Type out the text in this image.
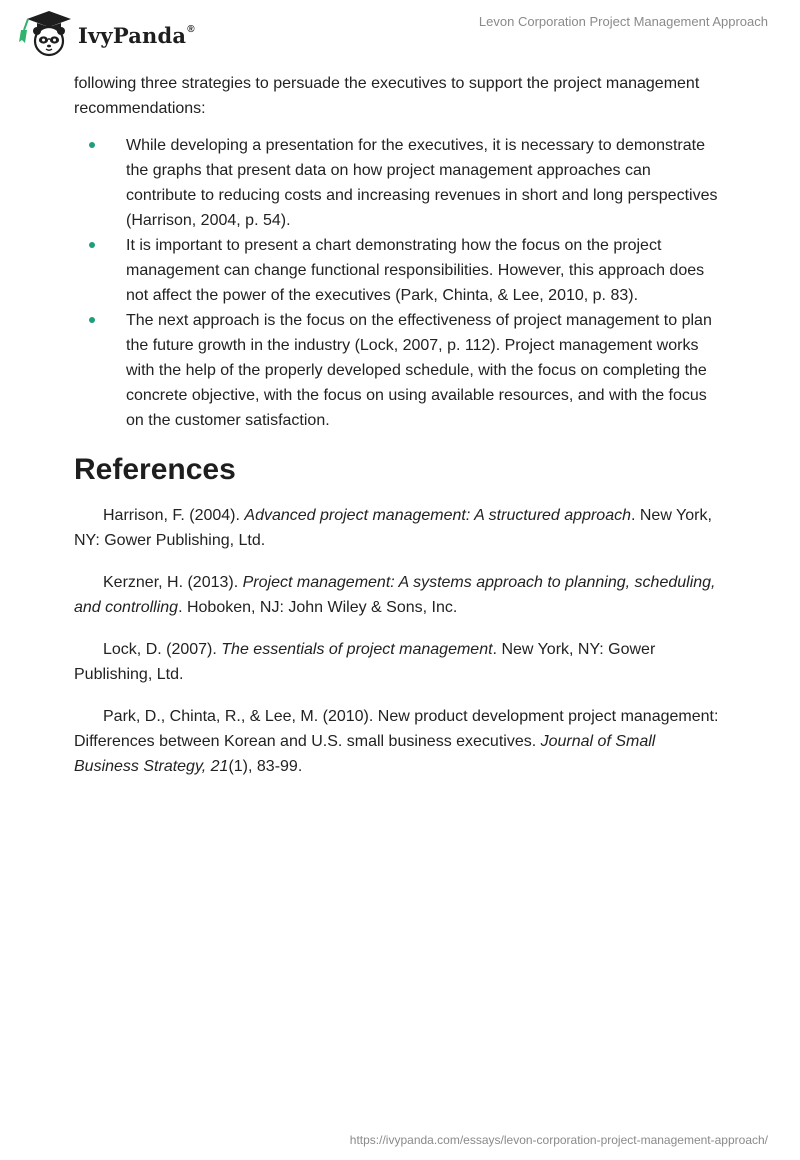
IvyPanda®	Levon Corporation Project Management Approach

following three strategies to persuade the executives to support the project management recommendations:

While developing a presentation for the executives, it is necessary to demonstrate the graphs that present data on how project management approaches can contribute to reducing costs and increasing revenues in short and long perspectives (Harrison, 2004, p. 54).
It is important to present a chart demonstrating how the focus on the project management can change functional responsibilities. However, this approach does not affect the power of the executives (Park, Chinta, & Lee, 2010, p. 83).
The next approach is the focus on the effectiveness of project management to plan the future growth in the industry (Lock, 2007, p. 112). Project management works with the help of the properly developed schedule, with the focus on completing the concrete objective, with the focus on using available resources, and with the focus on the customer satisfaction.
References

Harrison, F. (2004). Advanced project management: A structured approach. New York, NY: Gower Publishing, Ltd.

Kerzner, H. (2013). Project management: A systems approach to planning, scheduling, and controlling. Hoboken, NJ: John Wiley & Sons, Inc.

Lock, D. (2007). The essentials of project management. New York, NY: Gower Publishing, Ltd.

Park, D., Chinta, R., & Lee, M. (2010). New product development project management: Differences between Korean and U.S. small business executives. Journal of Small Business Strategy, 21(1), 83-99.

https://ivypanda.com/essays/levon-corporation-project-management-approach/
